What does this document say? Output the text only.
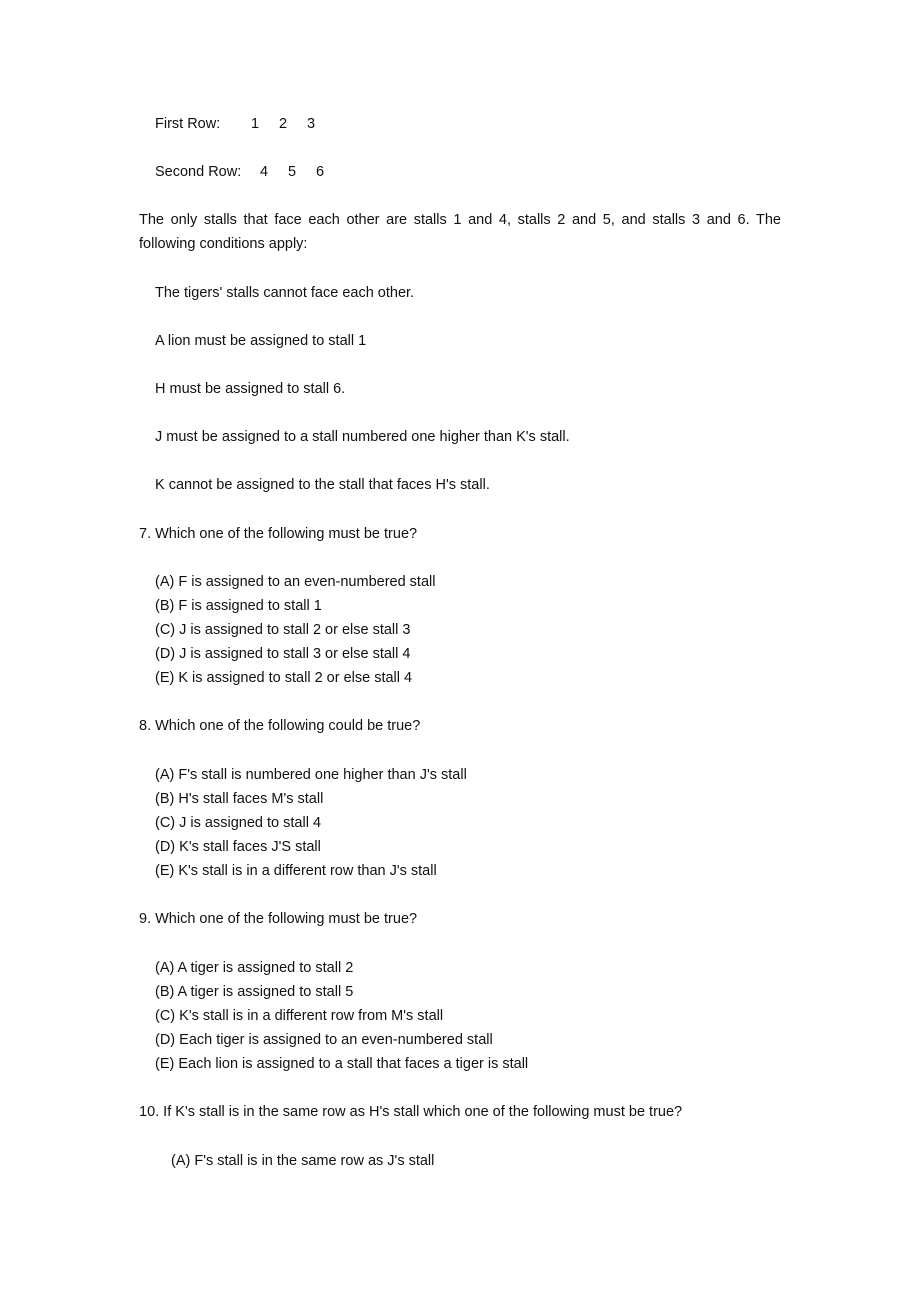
First Row: 1 2 3
Second Row: 4 5 6
The only stalls that face each other are stalls 1 and 4, stalls 2 and 5, and stalls 3 and 6. The following conditions apply:
The tigers' stalls cannot face each other.
A lion must be assigned to stall 1
H must be assigned to stall 6.
J must be assigned to a stall numbered one higher than K's stall.
K cannot be assigned to the stall that faces H's stall.
7. Which one of the following must be true?
(A) F is assigned to an even-numbered stall
(B) F is assigned to stall 1
(C) J is assigned to stall 2 or else stall 3
(D) J is assigned to stall 3 or else stall 4
(E) K is assigned to stall 2 or else stall 4
8. Which one of the following could be true?
(A) F's stall is numbered one higher than J's stall
(B) H's stall faces M's stall
(C) J is assigned to stall 4
(D) K's stall faces J'S stall
(E) K's stall is in a different row than J's stall
9. Which one of the following must be true?
(A) A tiger is assigned to stall 2
(B) A tiger is assigned to stall 5
(C) K's stall is in a different row from M's stall
(D) Each tiger is assigned to an even-numbered stall
(E) Each lion is assigned to a stall that faces a tiger is stall
10. If K's stall is in the same row as H's stall which one of the following must be true?
(A) F's stall is in the same row as J's stall
